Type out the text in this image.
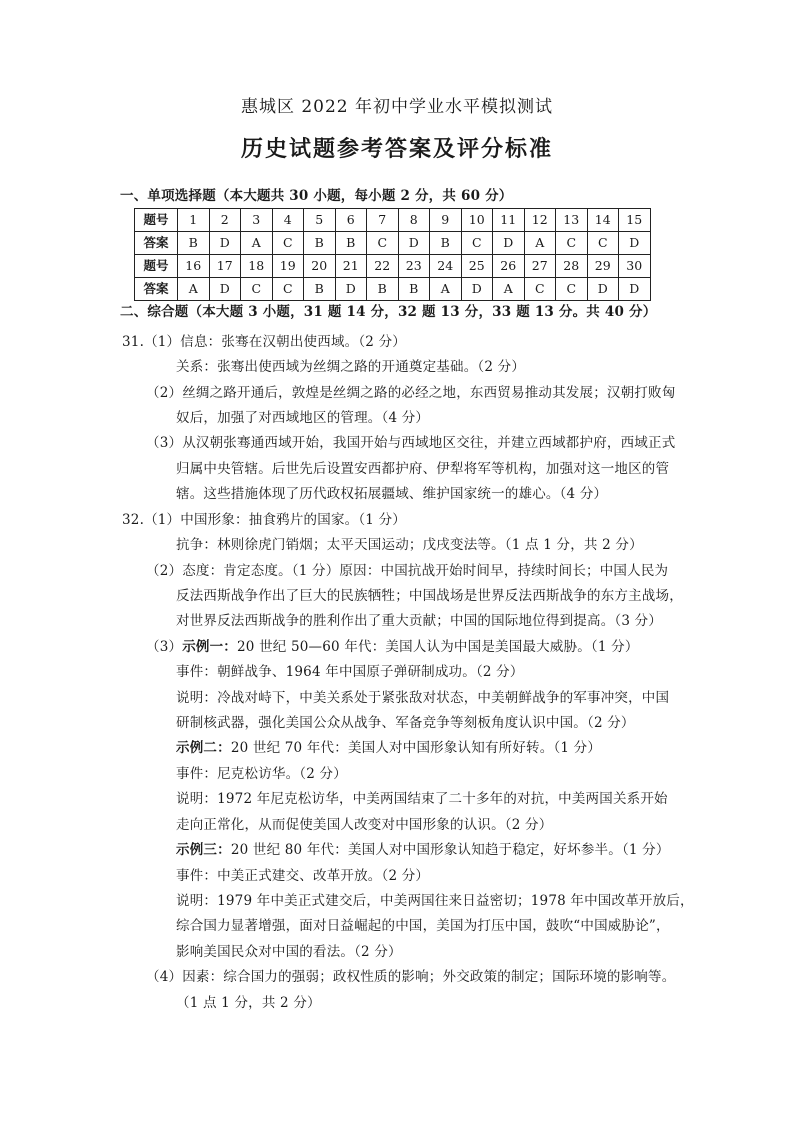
惠城区 2022 年初中学业水平模拟测试
历史试题参考答案及评分标准
一、单项选择题（本大题共 30 小题，每小题 2 分，共 60 分）
题号	1	2	3	4	5	6	7	8	9	10	11	12	13	14	15
答案	B	D	A	C	B	B	C	D	B	C	D	A	C	C	D
题号	16	17	18	19	20	21	22	23	24	25	26	27	28	29	30
答案	A	D	C	C	B	D	B	B	A	D	A	C	C	D	D
二、综合题（本大题 3 小题，31 题 14 分，32 题 13 分，33 题 13 分。共 40 分）
31.（1）信息：张骞在汉朝出使西域。（2 分）
关系：张骞出使西域为丝绸之路的开通奠定基础。（2 分）
（2）丝绸之路开通后，敦煌是丝绸之路的必经之地，东西贸易推动其发展；汉朝打败匈
奴后，加强了对西域地区的管理。（4 分）
（3）从汉朝张骞通西域开始，我国开始与西域地区交往，并建立西域都护府，西域正式
归属中央管辖。后世先后设置安西都护府、伊犁将军等机构，加强对这一地区的管
辖。这些措施体现了历代政权拓展疆域、维护国家统一的雄心。（4 分）
32.（1）中国形象：抽食鸦片的国家。（1 分）
抗争：林则徐虎门销烟；太平天国运动；戊戌变法等。（1 点 1 分，共 2 分）
（2）态度：肯定态度。（1 分）原因：中国抗战开始时间早，持续时间长；中国人民为
反法西斯战争作出了巨大的民族牺牲；中国战场是世界反法西斯战争的东方主战场，
对世界反法西斯战争的胜利作出了重大贡献；中国的国际地位得到提高。（3 分）
（3）示例一：20 世纪 50—60 年代：美国人认为中国是美国最大威胁。（1 分）
事件：朝鲜战争、1964 年中国原子弹研制成功。（2 分）
说明：冷战对峙下，中美关系处于紧张敌对状态，中美朝鲜战争的军事冲突，中国
研制核武器，强化美国公众从战争、军备竞争等刻板角度认识中国。（2 分）
示例二：20 世纪 70 年代：美国人对中国形象认知有所好转。（1 分）
事件：尼克松访华。（2 分）
说明：1972 年尼克松访华，中美两国结束了二十多年的对抗，中美两国关系开始
走向正常化，从而促使美国人改变对中国形象的认识。（2 分）
示例三：20 世纪 80 年代：美国人对中国形象认知趋于稳定，好坏参半。（1 分）
事件：中美正式建交、改革开放。（2 分）
说明：1979 年中美正式建交后，中美两国往来日益密切；1978 年中国改革开放后，
综合国力显著增强，面对日益崛起的中国，美国为打压中国，鼓吹“中国威胁论”，
影响美国民众对中国的看法。（2 分）
（4）因素：综合国力的强弱；政权性质的影响；外交政策的制定；国际环境的影响等。
（1 点 1 分，共 2 分）
